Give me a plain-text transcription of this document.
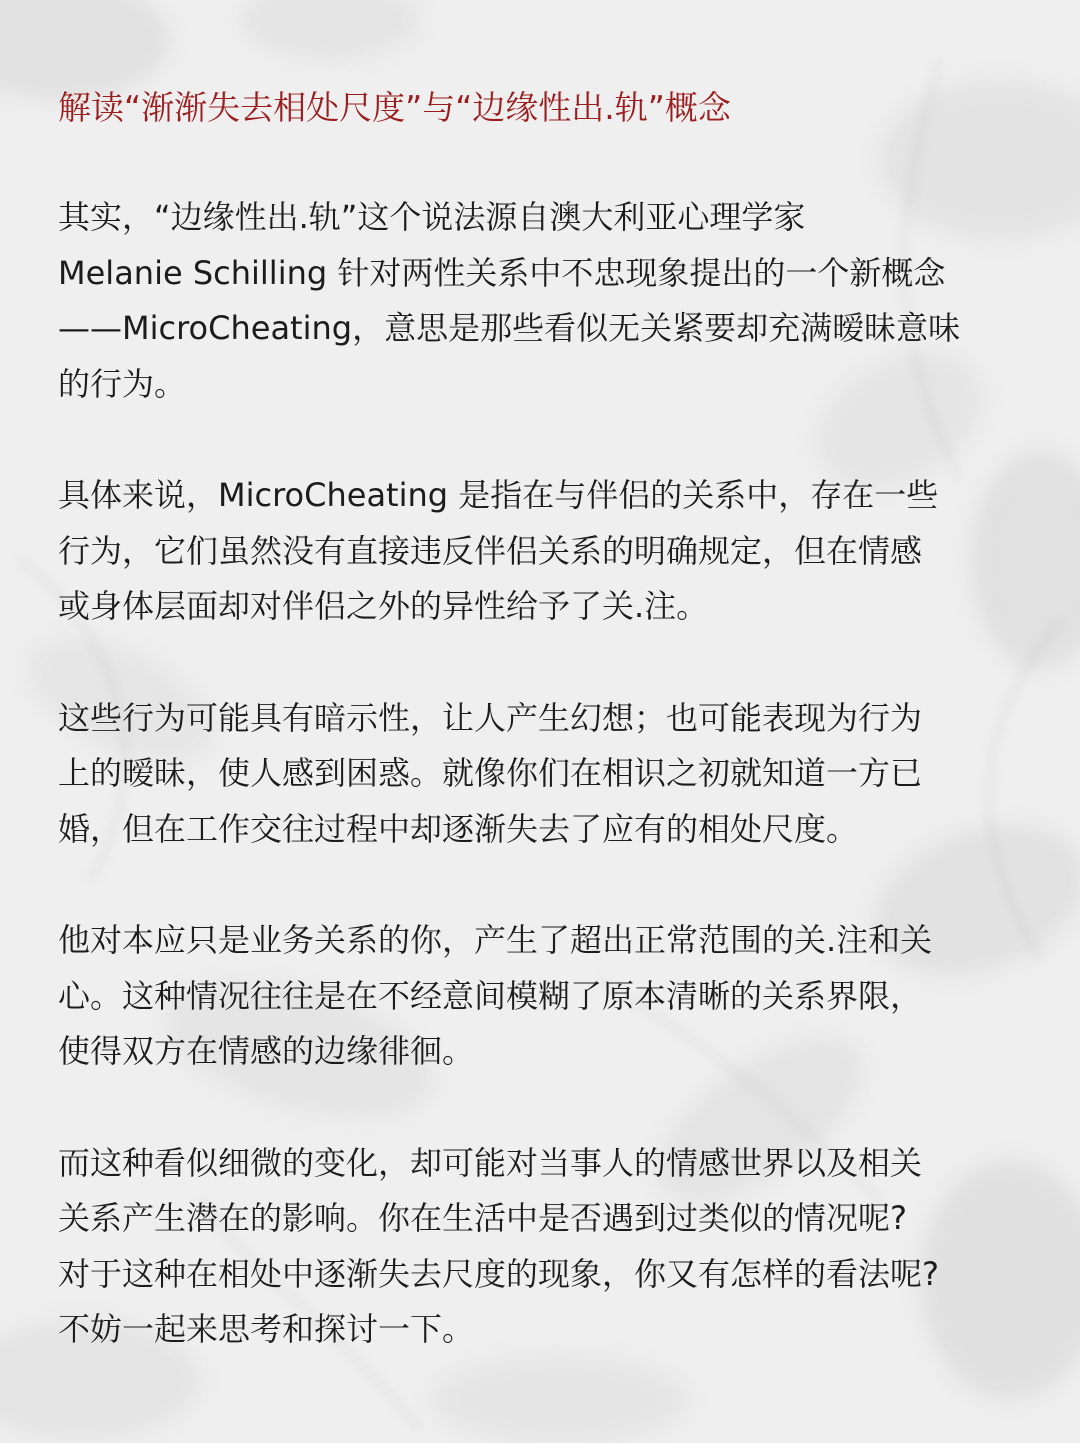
解读“渐渐失去相处尺度”与“边缘性出.轨”概念

其实，“边缘性出.轨”这个说法源自澳大利亚心理学家
Melanie Schilling 针对两性关系中不忠现象提出的一个新概念
——MicroCheating，意思是那些看似无关紧要却充满暧昧意味
的行为。

具体来说，MicroCheating 是指在与伴侣的关系中，存在一些
行为，它们虽然没有直接违反伴侣关系的明确规定，但在情感
或身体层面却对伴侣之外的异性给予了关.注。

这些行为可能具有暗示性，让人产生幻想；也可能表现为行为
上的暧昧，使人感到困惑。就像你们在相识之初就知道一方已
婚，但在工作交往过程中却逐渐失去了应有的相处尺度。

他对本应只是业务关系的你，产生了超出正常范围的关.注和关
心。这种情况往往是在不经意间模糊了原本清晰的关系界限，
使得双方在情感的边缘徘徊。

而这种看似细微的变化，却可能对当事人的情感世界以及相关
关系产生潜在的影响。你在生活中是否遇到过类似的情况呢?
对于这种在相处中逐渐失去尺度的现象，你又有怎样的看法呢?
不妨一起来思考和探讨一下。
